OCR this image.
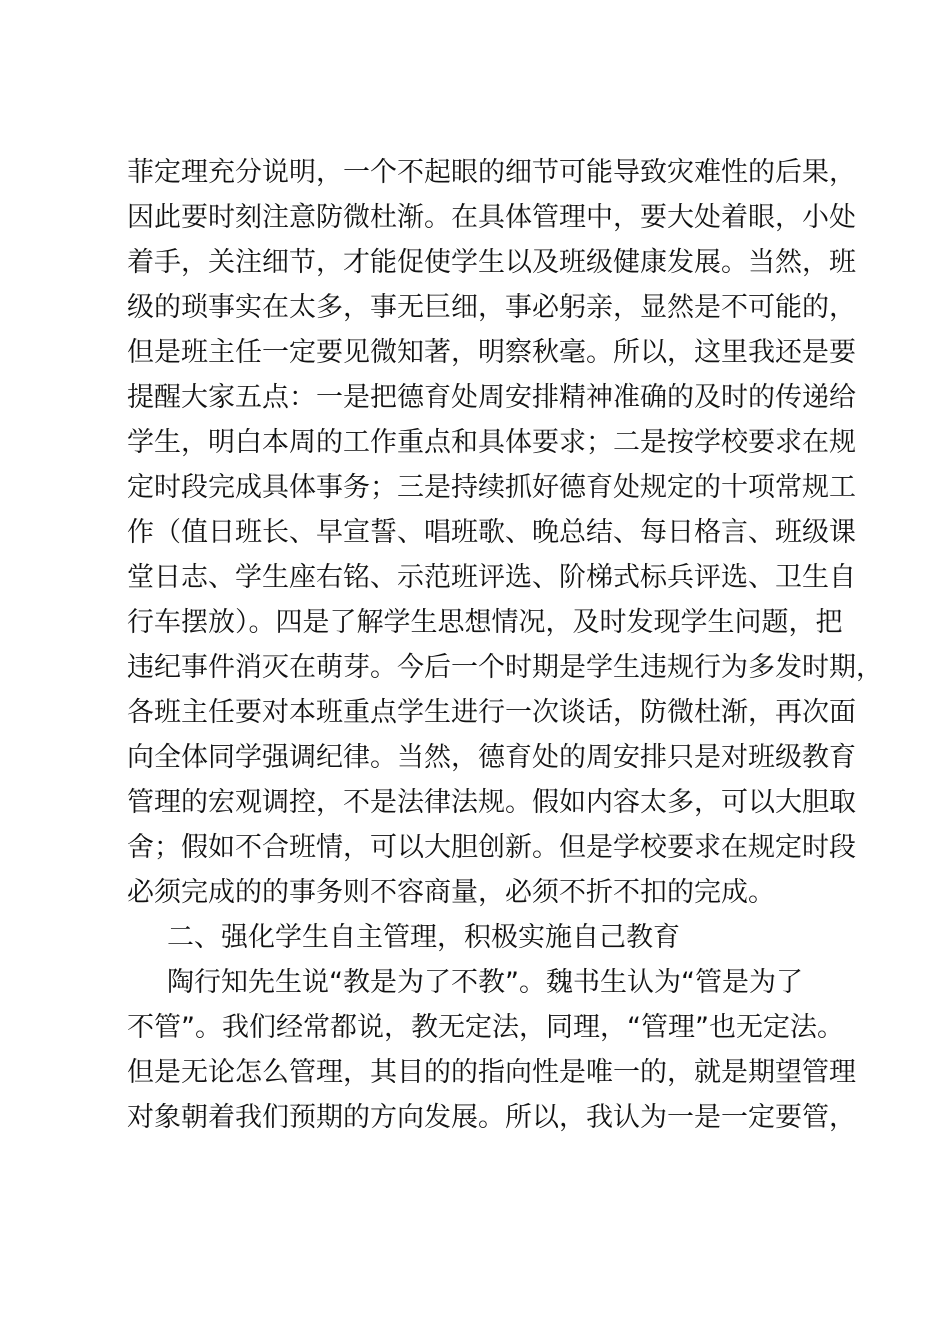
菲定理充分说明，一个不起眼的细节可能导致灾难性的后果，
因此要时刻注意防微杜渐。在具体管理中，要大处着眼，小处
着手，关注细节，才能促使学生以及班级健康发展。当然，班
级的琐事实在太多，事无巨细，事必躬亲，显然是不可能的，
但是班主任一定要见微知著，明察秋毫。所以，这里我还是要
提醒大家五点：一是把德育处周安排精神准确的及时的传递给
学生，明白本周的工作重点和具体要求；二是按学校要求在规
定时段完成具体事务；三是持续抓好德育处规定的十项常规工
作（值日班长、早宣誓、唱班歌、晚总结、每日格言、班级课
堂日志、学生座右铭、示范班评选、阶梯式标兵评选、卫生自
行车摆放）。四是了解学生思想情况，及时发现学生问题，把
违纪事件消灭在萌芽。今后一个时期是学生违规行为多发时期，
各班主任要对本班重点学生进行一次谈话，防微杜渐，再次面
向全体同学强调纪律。当然，德育处的周安排只是对班级教育
管理的宏观调控，不是法律法规。假如内容太多，可以大胆取
舍；假如不合班情，可以大胆创新。但是学校要求在规定时段
必须完成的的事务则不容商量，必须不折不扣的完成。
二、强化学生自主管理，积极实施自己教育
陶行知先生说“教是为了不教”。魏书生认为“管是为了
不管”。我们经常都说，教无定法，同理，“管理”也无定法。
但是无论怎么管理，其目的的指向性是唯一的，就是期望管理
对象朝着我们预期的方向发展。所以，我认为一是一定要管，
